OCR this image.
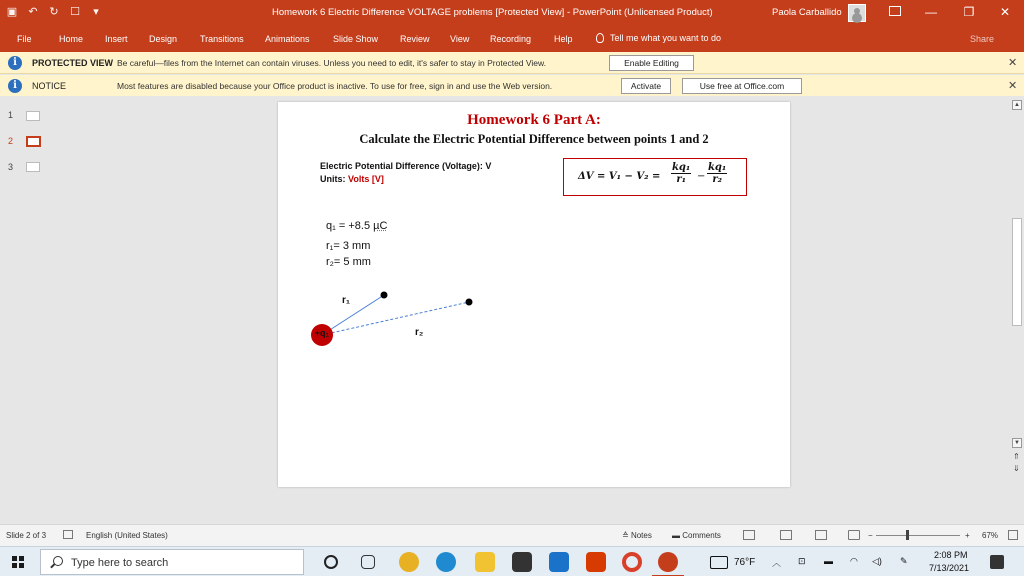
▣ ↶ ↻ ☐ ▾	Homework 6 Electric Difference VOLTAGE problems [Protected View] - PowerPoint (Unlicensed Product)	Paola Carballido	—	❐	✕
File	Home Insert Design	Transitions Animations	Slide Show Review View Recording	Help	Tell me what you want to do	Share
i	PROTECTED VIEW Be careful—files from the Internet can contain viruses. Unless you need to edit, it's safer to stay in Protected View.	Enable Editing	✕
i	NOTICE	Most features are disabled because your Office product is inactive. To use for free, sign in and use the Web version.	Activate	Use free at Office.com	✕
1
2
3
Homework 6 Part A:
Calculate the Electric Potential Difference between points 1 and 2
Electric Potential Difference (Voltage): V
Units: Volts [V]	$\Delta V = V_1 - V_2 = \frac{\text{kq₁}}{\text{r₁}} - \frac{\text{kq₁}}{\text{r₂}}$
q₁ = +8.5 µC
r₁= 3 mm
r₂= 5 mm
+q₁
r₁
r₂
▲
▼
⇑
⇓
Slide 2 of 3	English (United States)	≙ Notes	▬ Comments	−	+ 67%
Type here to search	76°F ︿ ⊡ ▬ ◠ ◁) ✎
2:08 PM
7/13/2021
